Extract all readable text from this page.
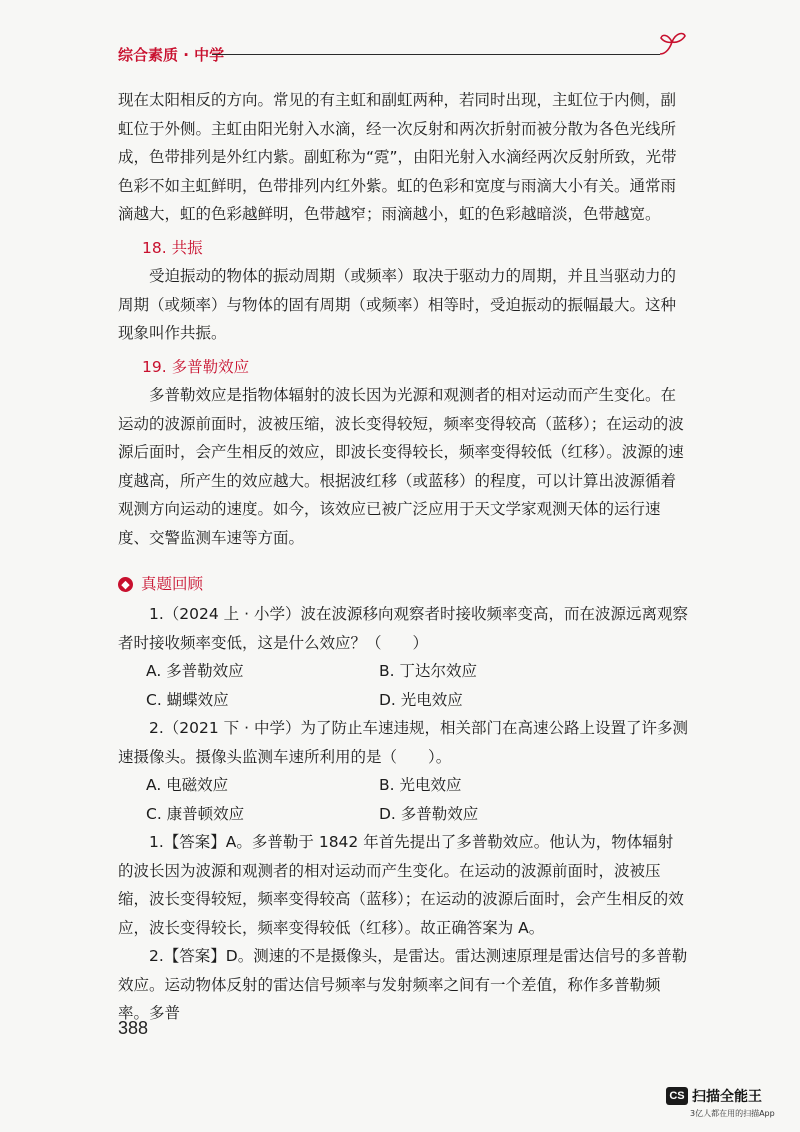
综合素质 · 中学

现在太阳相反的方向。常见的有主虹和副虹两种，若同时出现，主虹位于内侧，副虹位于外侧。主虹由阳光射入水滴，经一次反射和两次折射而被分散为各色光线所成，色带排列是外红内紫。副虹称为“霓”，由阳光射入水滴经两次反射所致，光带色彩不如主虹鲜明，色带排列内红外紫。虹的色彩和宽度与雨滴大小有关。通常雨滴越大，虹的色彩越鲜明，色带越窄；雨滴越小，虹的色彩越暗淡，色带越宽。

18. 共振

受迫振动的物体的振动周期（或频率）取决于驱动力的周期，并且当驱动力的周期（或频率）与物体的固有周期（或频率）相等时，受迫振动的振幅最大。这种现象叫作共振。

19. 多普勒效应

多普勒效应是指物体辐射的波长因为光源和观测者的相对运动而产生变化。在运动的波源前面时，波被压缩，波长变得较短，频率变得较高（蓝移）；在运动的波源后面时，会产生相反的效应，即波长变得较长，频率变得较低（红移）。波源的速度越高，所产生的效应越大。根据波红移（或蓝移）的程度，可以计算出波源循着观测方向运动的速度。如今，该效应已被广泛应用于天文学家观测天体的运行速度、交警监测车速等方面。

◆ 真题回顾

1.（2024 上 · 小学）波在波源移向观察者时接收频率变高，而在波源远离观察者时接收频率变低，这是什么效应？（　　）

A. 多普勒效应	B. 丁达尔效应
C. 蝴蝶效应	D. 光电效应

2.（2021 下 · 中学）为了防止车速违规，相关部门在高速公路上设置了许多测速摄像头。摄像头监测车速所利用的是（　　）。

A. 电磁效应	B. 光电效应
C. 康普顿效应	D. 多普勒效应

1.【答案】A。多普勒于 1842 年首先提出了多普勒效应。他认为，物体辐射的波长因为波源和观测者的相对运动而产生变化。在运动的波源前面时，波被压缩，波长变得较短，频率变得较高（蓝移）；在运动的波源后面时，会产生相反的效应，波长变得较长，频率变得较低（红移）。故正确答案为 A。

2.【答案】D。测速的不是摄像头，是雷达。雷达测速原理是雷达信号的多普勒效应。运动物体反射的雷达信号频率与发射频率之间有一个差值，称作多普勒频率。多普

388
CS 扫描全能王
3亿人都在用的扫描App
